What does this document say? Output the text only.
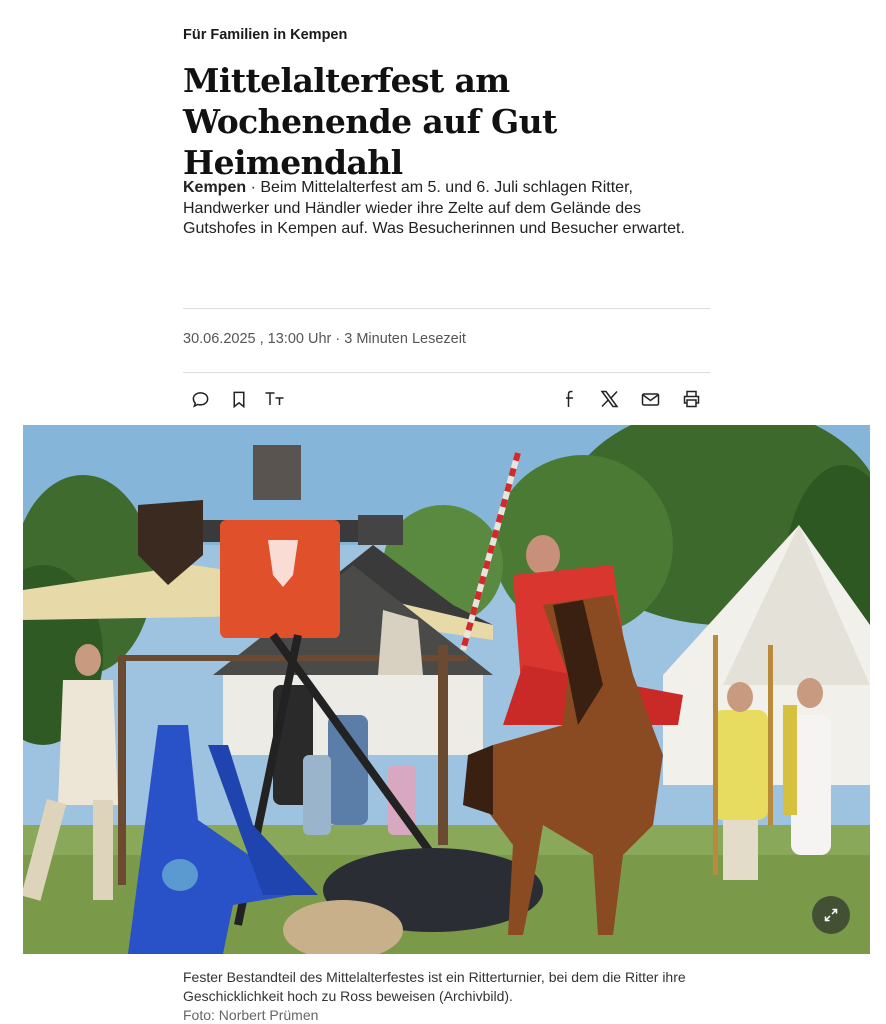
Für Familien in Kempen
Mittelalterfest am Wochenende auf Gut Heimendahl

Kempen · Beim Mittelalterfest am 5. und 6. Juli schlagen Ritter, Handwerker und Händler wieder ihre Zelte auf dem Gelände des Gutshofes in Kempen auf. Was Besucherinnen und Besucher erwartet.

30.06.2025 , 13:00 Uhr · 3 Minuten Lesezeit

Fester Bestandteil des Mittelalterfestes ist ein Ritterturnier, bei dem die Ritter ihre Geschicklichkeit hoch zu Ross beweisen (Archivbild).

Foto: Norbert Prümen
